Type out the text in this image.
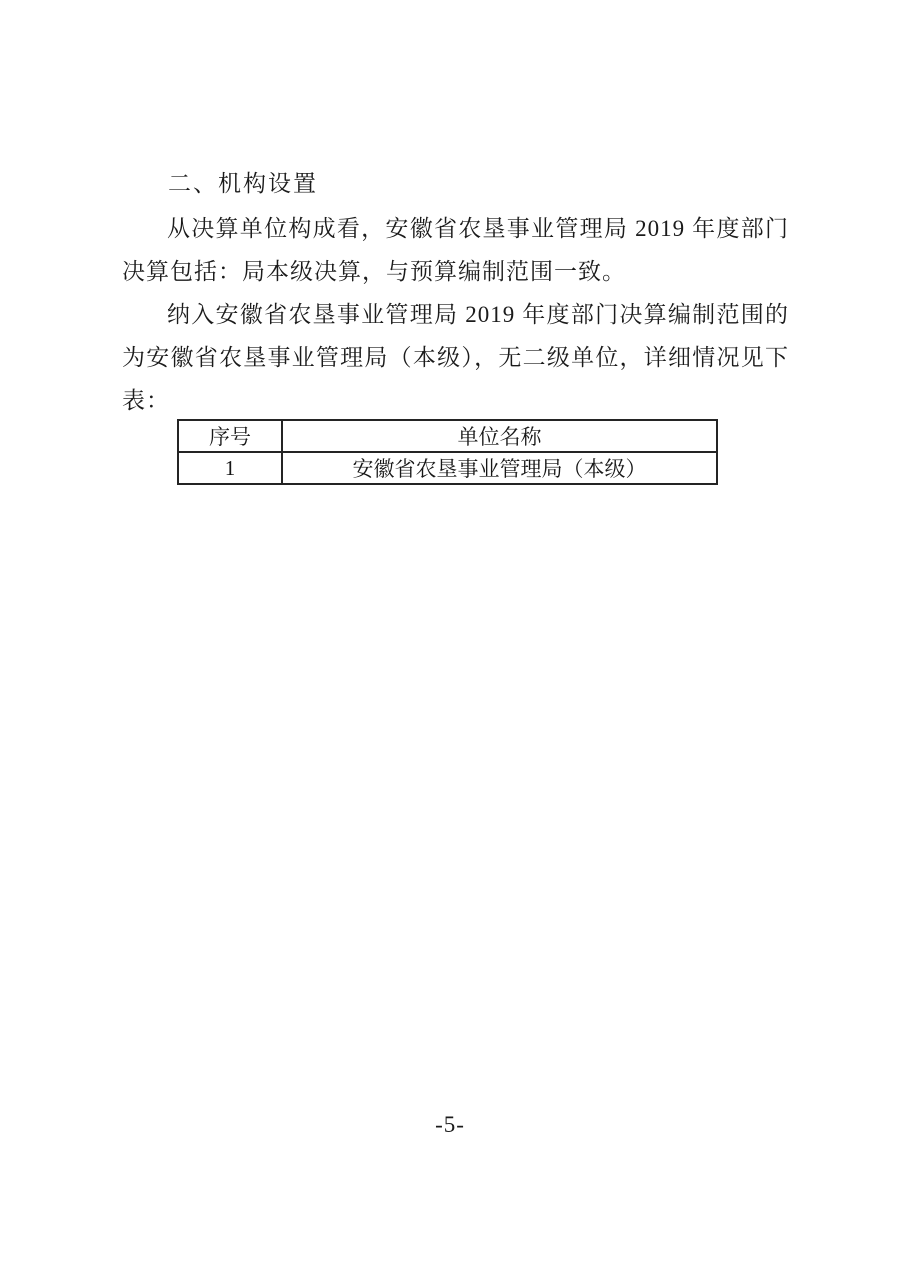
二、机构设置
从决算单位构成看，安徽省农垦事业管理局 2019 年度部门
决算包括：局本级决算，与预算编制范围一致。
纳入安徽省农垦事业管理局 2019 年度部门决算编制范围的
为安徽省农垦事业管理局（本级），无二级单位，详细情况见下
表：
序号	单位名称
1	安徽省农垦事业管理局（本级）
-5-
